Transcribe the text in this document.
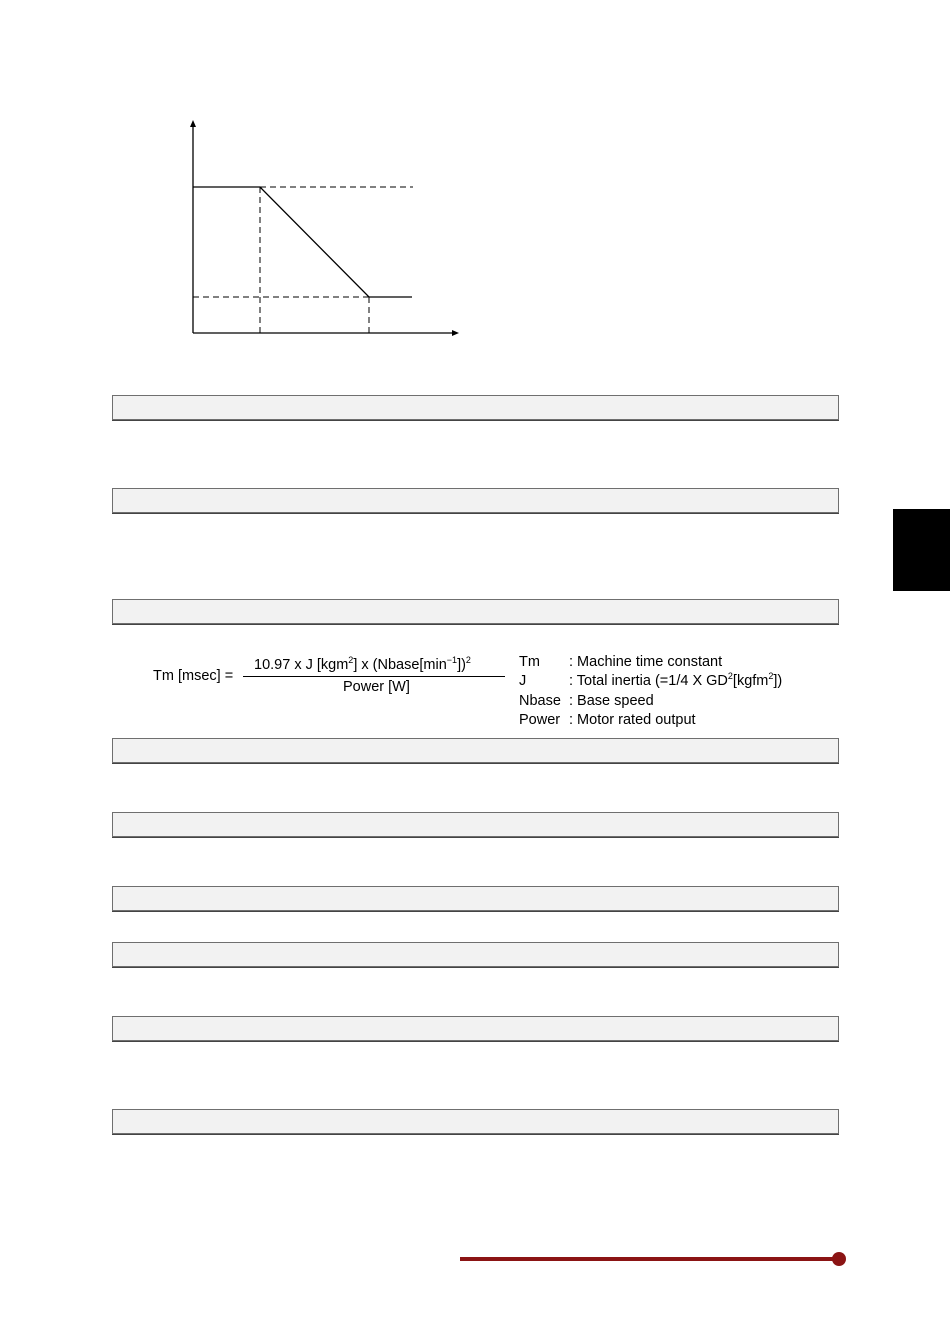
Tm [msec] =
10.97 x J [kgm$^2$] x $(Nbase[\min^{-1}])^2$
Power [W]
Tm : Machine time constant
J	: Total inertia (=1/4 X $GD^2[kgfm^2]$)
Nbase : Base speed
Power : Motor rated output
